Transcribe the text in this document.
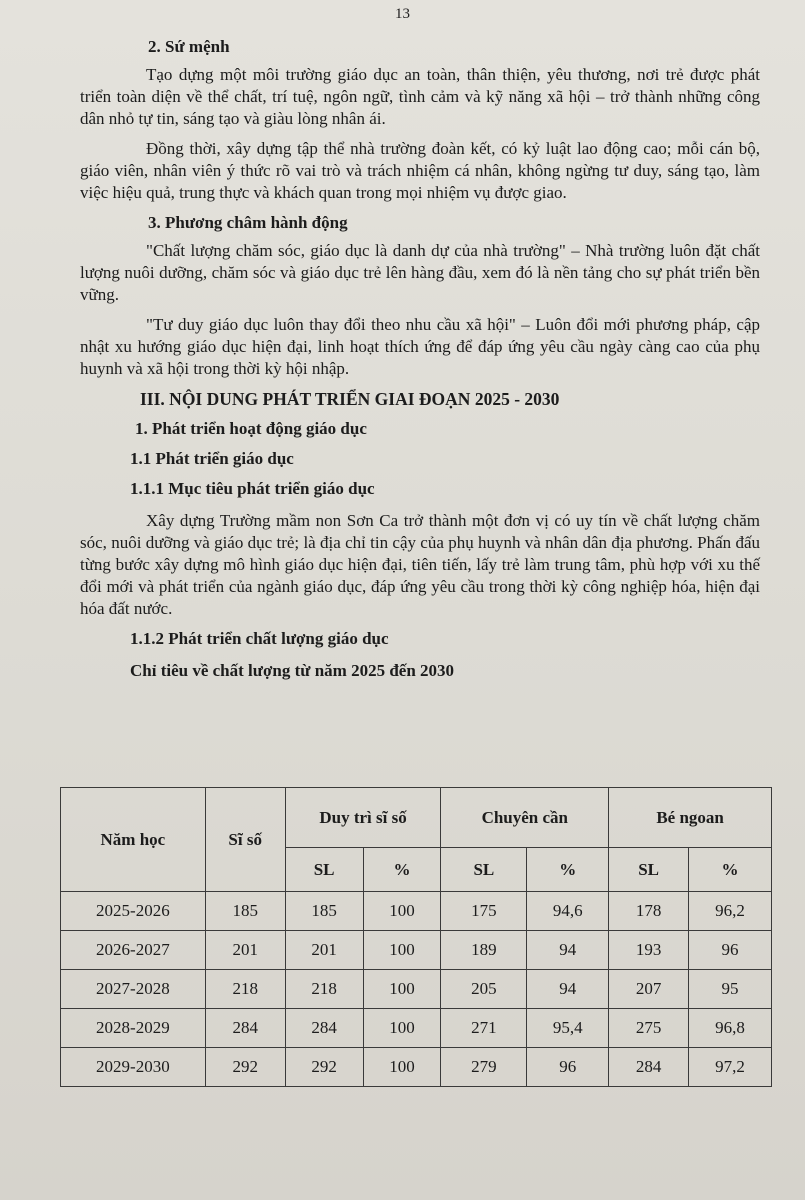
13
2. Sứ mệnh

Tạo dựng một môi trường giáo dục an toàn, thân thiện, yêu thương, nơi trẻ được phát triển toàn diện về thể chất, trí tuệ, ngôn ngữ, tình cảm và kỹ năng xã hội – trở thành những công dân nhỏ tự tin, sáng tạo và giàu lòng nhân ái.

Đồng thời, xây dựng tập thể nhà trường đoàn kết, có kỷ luật lao động cao; mỗi cán bộ, giáo viên, nhân viên ý thức rõ vai trò và trách nhiệm cá nhân, không ngừng tư duy, sáng tạo, làm việc hiệu quả, trung thực và khách quan trong mọi nhiệm vụ được giao.

3. Phương châm hành động

"Chất lượng chăm sóc, giáo dục là danh dự của nhà trường" – Nhà trường luôn đặt chất lượng nuôi dưỡng, chăm sóc và giáo dục trẻ lên hàng đầu, xem đó là nền tảng cho sự phát triển bền vững.

"Tư duy giáo dục luôn thay đổi theo nhu cầu xã hội" – Luôn đổi mới phương pháp, cập nhật xu hướng giáo dục hiện đại, linh hoạt thích ứng để đáp ứng yêu cầu ngày càng cao của phụ huynh và xã hội trong thời kỳ hội nhập.

III. NỘI DUNG PHÁT TRIỂN GIAI ĐOẠN 2025 - 2030
1. Phát triển hoạt động giáo dục
1.1 Phát triển giáo dục
1.1.1 Mục tiêu phát triển giáo dục

Xây dựng Trường mầm non Sơn Ca trở thành một đơn vị có uy tín về chất lượng chăm sóc, nuôi dưỡng và giáo dục trẻ; là địa chỉ tin cậy của phụ huynh và nhân dân địa phương. Phấn đấu từng bước xây dựng mô hình giáo dục hiện đại, tiên tiến, lấy trẻ làm trung tâm, phù hợp với xu thế đổi mới và phát triển của ngành giáo dục, đáp ứng yêu cầu trong thời kỳ công nghiệp hóa, hiện đại hóa đất nước.

1.1.2 Phát triển chất lượng giáo dục
Chỉ tiêu về chất lượng từ năm 2025 đến 2030
Năm học	Sĩ số	Duy trì sĩ số		Chuyên cần		Bé ngoan	
		SL	%	SL	%	SL	%
2025-2026	185	185	100	175	94,6	178	96,2
2026-2027	201	201	100	189	94	193	96
2027-2028	218	218	100	205	94	207	95
2028-2029	284	284	100	271	95,4	275	96,8
2029-2030	292	292	100	279	96	284	97,2
